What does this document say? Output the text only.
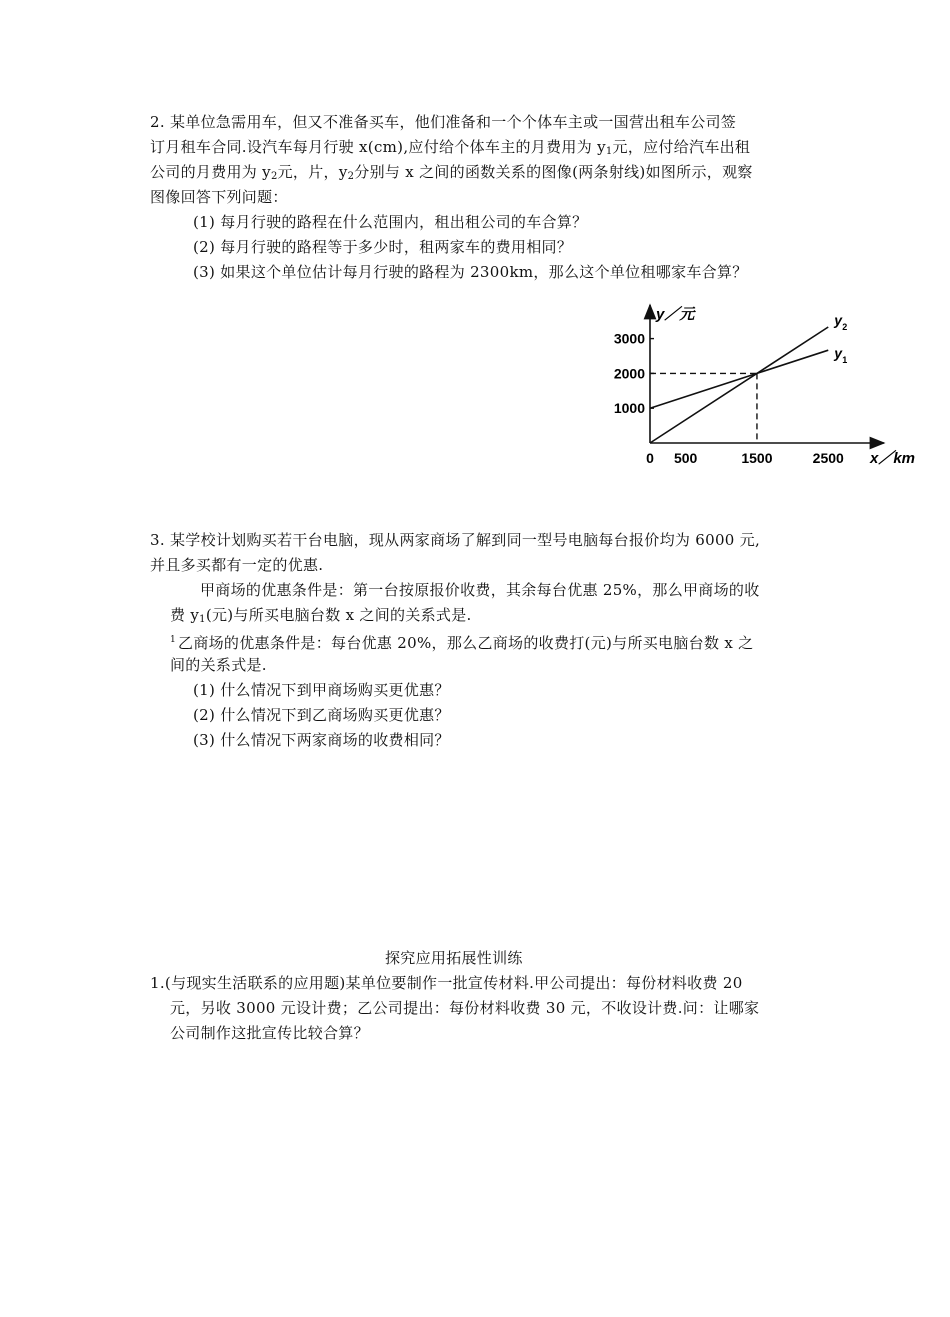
2. 某单位急需用车，但又不准备买车，他们准备和一个个体车主或一国营出租车公司签
订月租车合同.设汽车每月行驶 x(cm),应付给个体车主的月费用为 $y_1$元，应付给汽车出租
公司的月费用为 $y_2$元，片，$y_2$分别与 x 之间的函数关系的图像(两条射线)如图所示，观察
图像回答下列问题：
(1) 每月行驶的路程在什么范围内，租出租公司的车合算？
(2) 每月行驶的路程等于多少时，租两家车的费用相同？
(3) 如果这个单位估计每月行驶的路程为 2300km，那么这个单位租哪家车合算？
0 500	1500	2500
1000
2000
3000
y 1
y 2
y／元
x／km
3. 某学校计划购买若干台电脑，现从两家商场了解到同一型号电脑每台报价均为 6000 元,
并且多买都有一定的优惠.
甲商场的优惠条件是：第一台按原报价收费，其余每台优惠 25%，那么甲商场的收
费 $y_1$(元)与所买电脑台数 x 之间的关系式是.
$^1$ 乙商场的优惠条件是：每台优惠 20%，那么乙商场的收费打(元)与所买电脑台数 x 之
间的关系式是.
(1) 什么情况下到甲商场购买更优惠？
(2) 什么情况下到乙商场购买更优惠？
(3) 什么情况下两家商场的收费相同？
探究应用拓展性训练
1.(与现实生活联系的应用题)某单位要制作一批宣传材料.甲公司提出：每份材料收费 20
元，另收 3000 元设计费；乙公司提出：每份材料收费 30 元，不收设计费.问：让哪家
公司制作这批宣传比较合算？
